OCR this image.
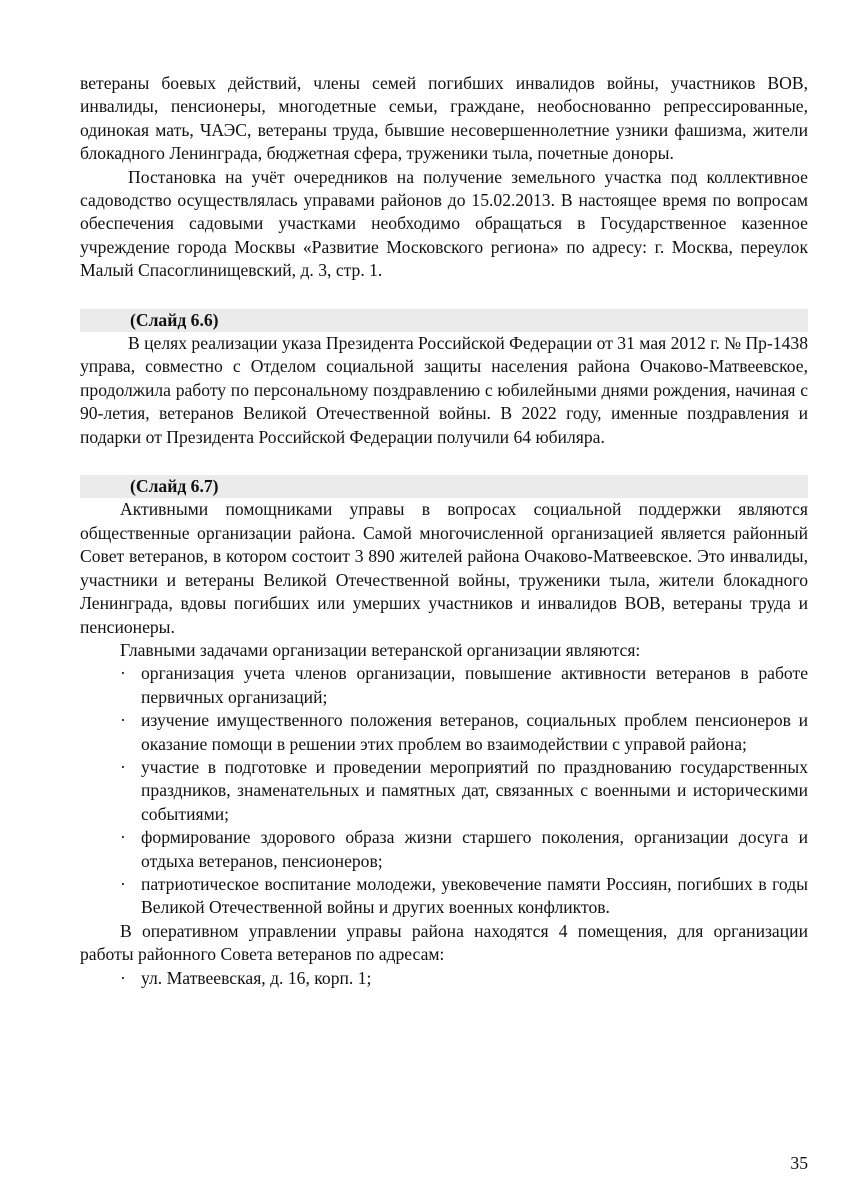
ветераны боевых действий, члены семей погибших инвалидов войны, участников ВОВ, инвалиды, пенсионеры, многодетные семьи, граждане, необоснованно репрессированные, одинокая мать, ЧАЭС, ветераны труда, бывшие несовершеннолетние узники фашизма, жители блокадного Ленинграда, бюджетная сфера, труженики тыла, почетные доноры.

Постановка на учёт очередников на получение земельного участка под коллективное садоводство осуществлялась управами районов до 15.02.2013. В настоящее время по вопросам обеспечения садовыми участками необходимо обращаться в Государственное казенное учреждение города Москвы «Развитие Московского региона» по адресу: г. Москва, переулок Малый Спасоглинищевский, д. 3, стр. 1.

(Слайд 6.6)

В целях реализации указа Президента Российской Федерации от 31 мая 2012 г. № Пр-1438 управа, совместно с Отделом социальной защиты населения района Очаково-Матвеевское, продолжила работу по персональному поздравлению с юбилейными днями рождения, начиная с 90-летия, ветеранов Великой Отечественной войны. В 2022 году, именные поздравления и подарки от Президента Российской Федерации получили 64 юбиляра.

(Слайд 6.7)

Активными помощниками управы в вопросах социальной поддержки являются общественные организации района. Самой многочисленной организацией является районный Совет ветеранов, в котором состоит 3 890 жителей района Очаково-Матвеевское. Это инвалиды, участники и ветераны Великой Отечественной войны, труженики тыла, жители блокадного Ленинграда, вдовы погибших или умерших участников и инвалидов ВОВ, ветераны труда и пенсионеры.

Главными задачами организации ветеранской организации являются:

· организация учета членов организации, повышение активности ветеранов в работе первичных организаций;
· изучение имущественного положения ветеранов, социальных проблем пенсионеров и оказание помощи в решении этих проблем во взаимодействии с управой района;
· участие в подготовке и проведении мероприятий по празднованию государственных праздников, знаменательных и памятных дат, связанных с военными и историческими событиями;
· формирование здорового образа жизни старшего поколения, организации досуга и отдыха ветеранов, пенсионеров;
· патриотическое воспитание молодежи, увековечение памяти Россиян, погибших в годы Великой Отечественной войны и других военных конфликтов.

В оперативном управлении управы района находятся 4 помещения, для организации работы районного Совета ветеранов по адресам:

· ул. Матвеевская, д. 16, корп. 1;
35
